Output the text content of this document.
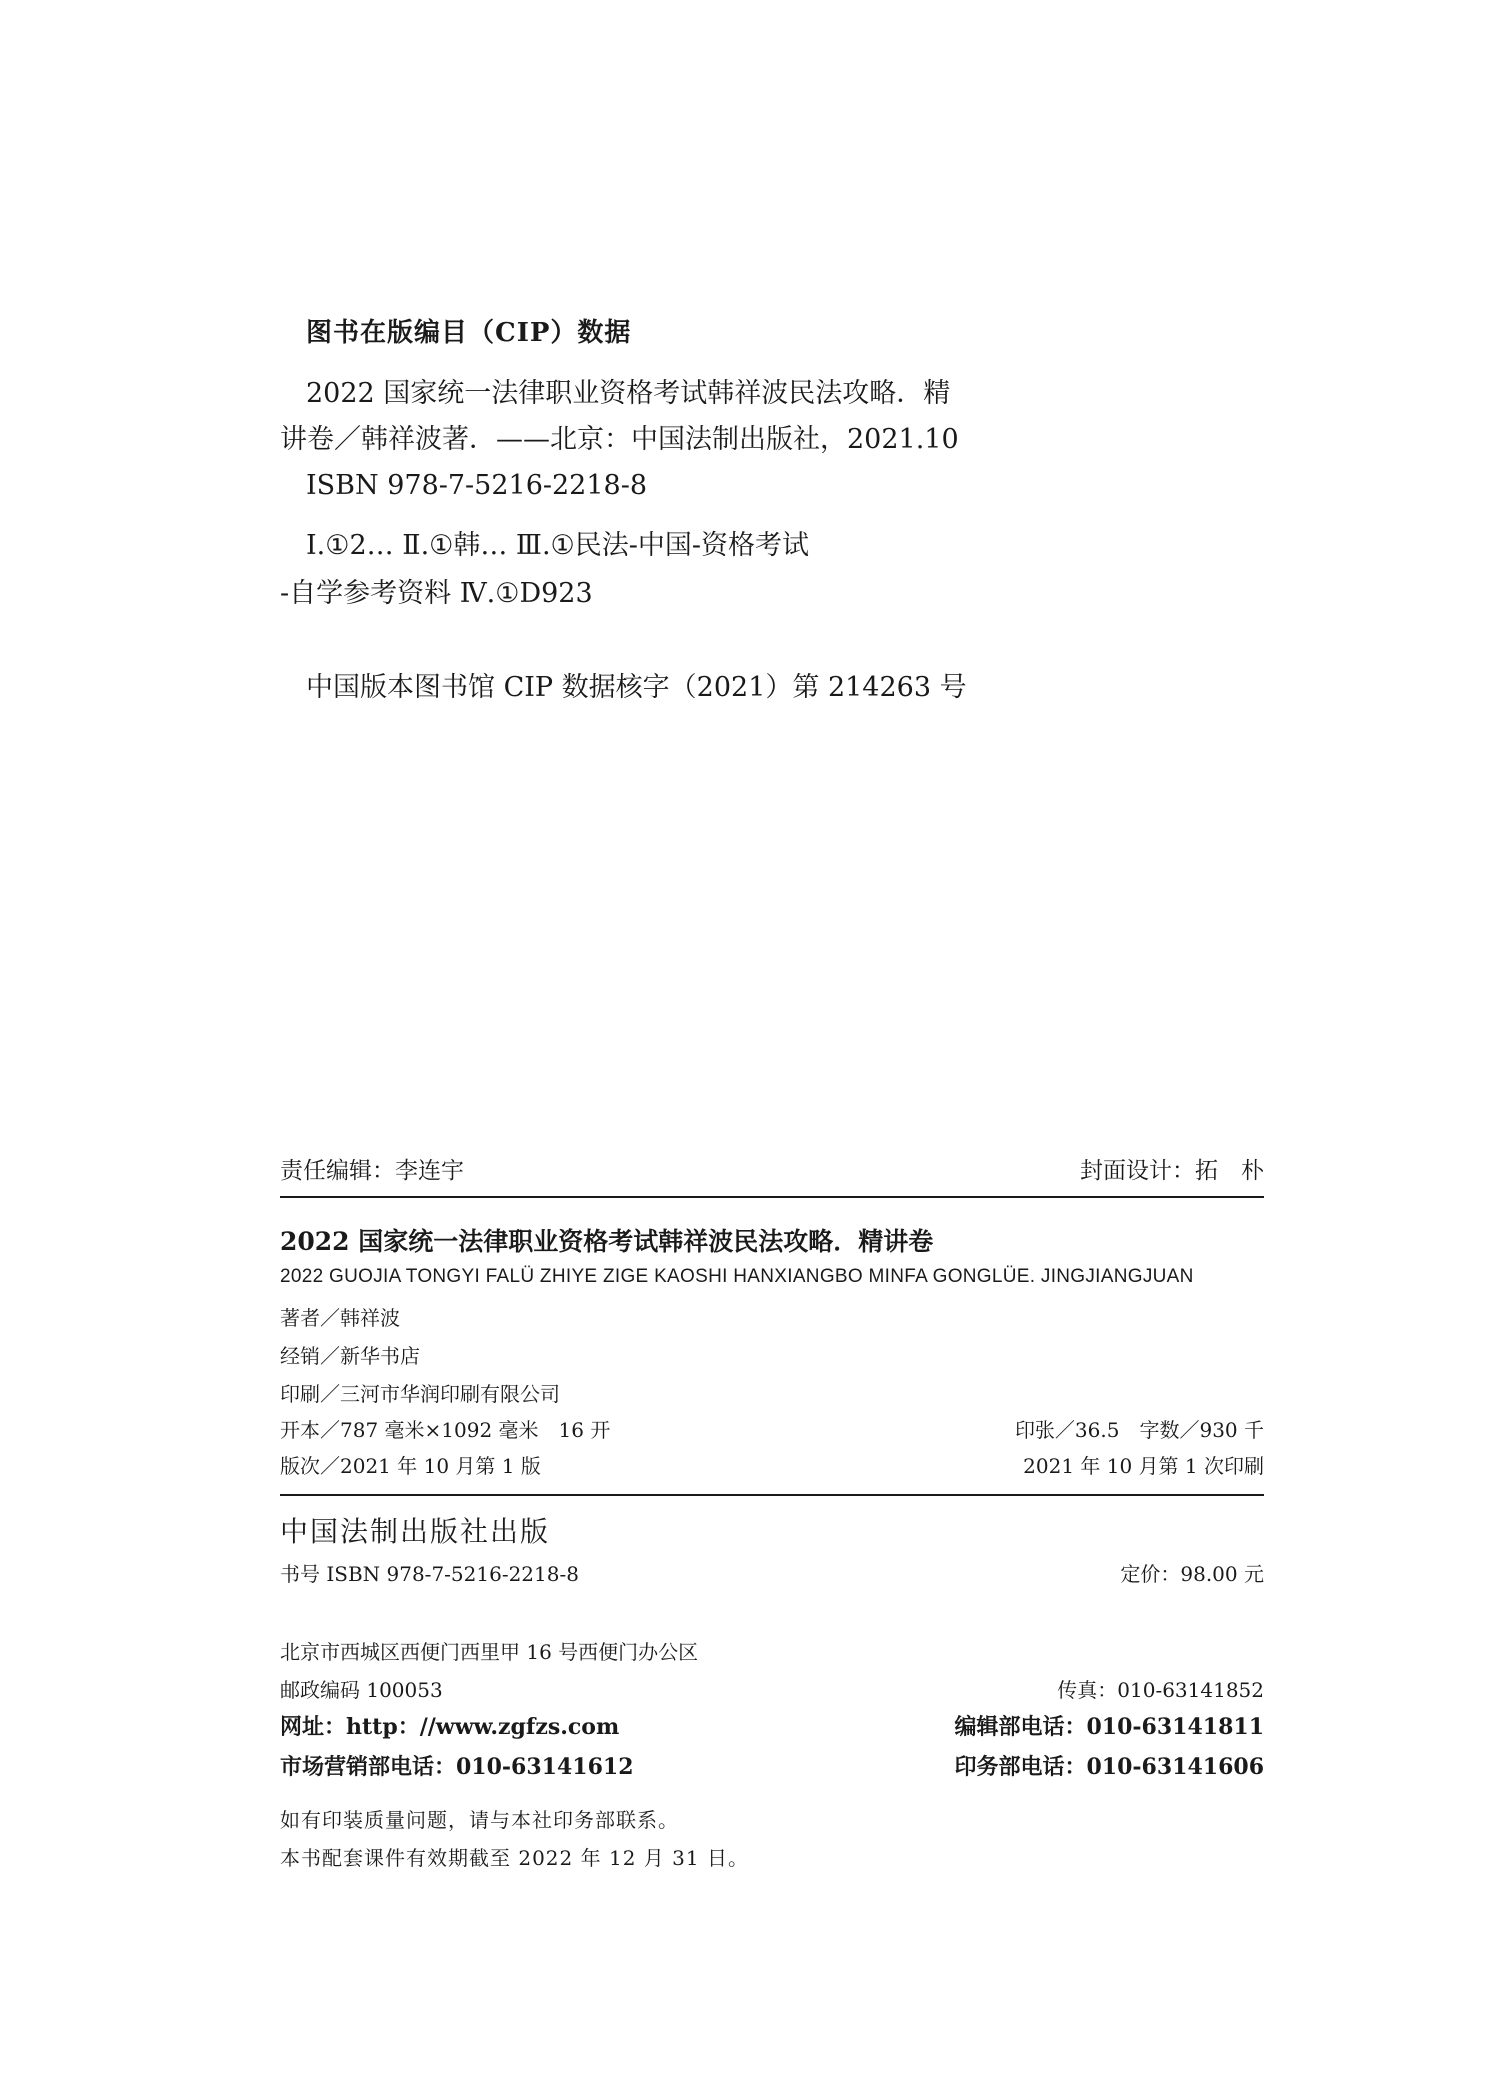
图书在版编目（CIP）数据
2022 国家统一法律职业资格考试韩祥波民法攻略．精
讲卷／韩祥波著．——北京：中国法制出版社，2021.10
ISBN 978-7-5216-2218-8
Ⅰ.①2… Ⅱ.①韩… Ⅲ.①民法-中国-资格考试
-自学参考资料 Ⅳ.①D923
中国版本图书馆 CIP 数据核字（2021）第 214263 号
责任编辑：李连宇	封面设计：拓　朴
2022 国家统一法律职业资格考试韩祥波民法攻略．精讲卷
2022 GUOJIA TONGYI FALÜ ZHIYE ZIGE KAOSHI HANXIANGBO MINFA GONGLÜE. JINGJIANGJUAN
著者／韩祥波
经销／新华书店
印刷／三河市华润印刷有限公司
开本／787 毫米×1092 毫米　16 开	印张／36.5　字数／930 千
版次／2021 年 10 月第 1 版	2021 年 10 月第 1 次印刷
中国法制出版社出版
书号 ISBN 978-7-5216-2218-8	定价：98.00 元
北京市西城区西便门西里甲 16 号西便门办公区
邮政编码 100053	传真：010-63141852
网址：http：//www.zgfzs.com	编辑部电话：010-63141811
市场营销部电话：010-63141612	印务部电话：010-63141606
如有印装质量问题，请与本社印务部联系。
本书配套课件有效期截至 2022 年 12 月 31 日。
